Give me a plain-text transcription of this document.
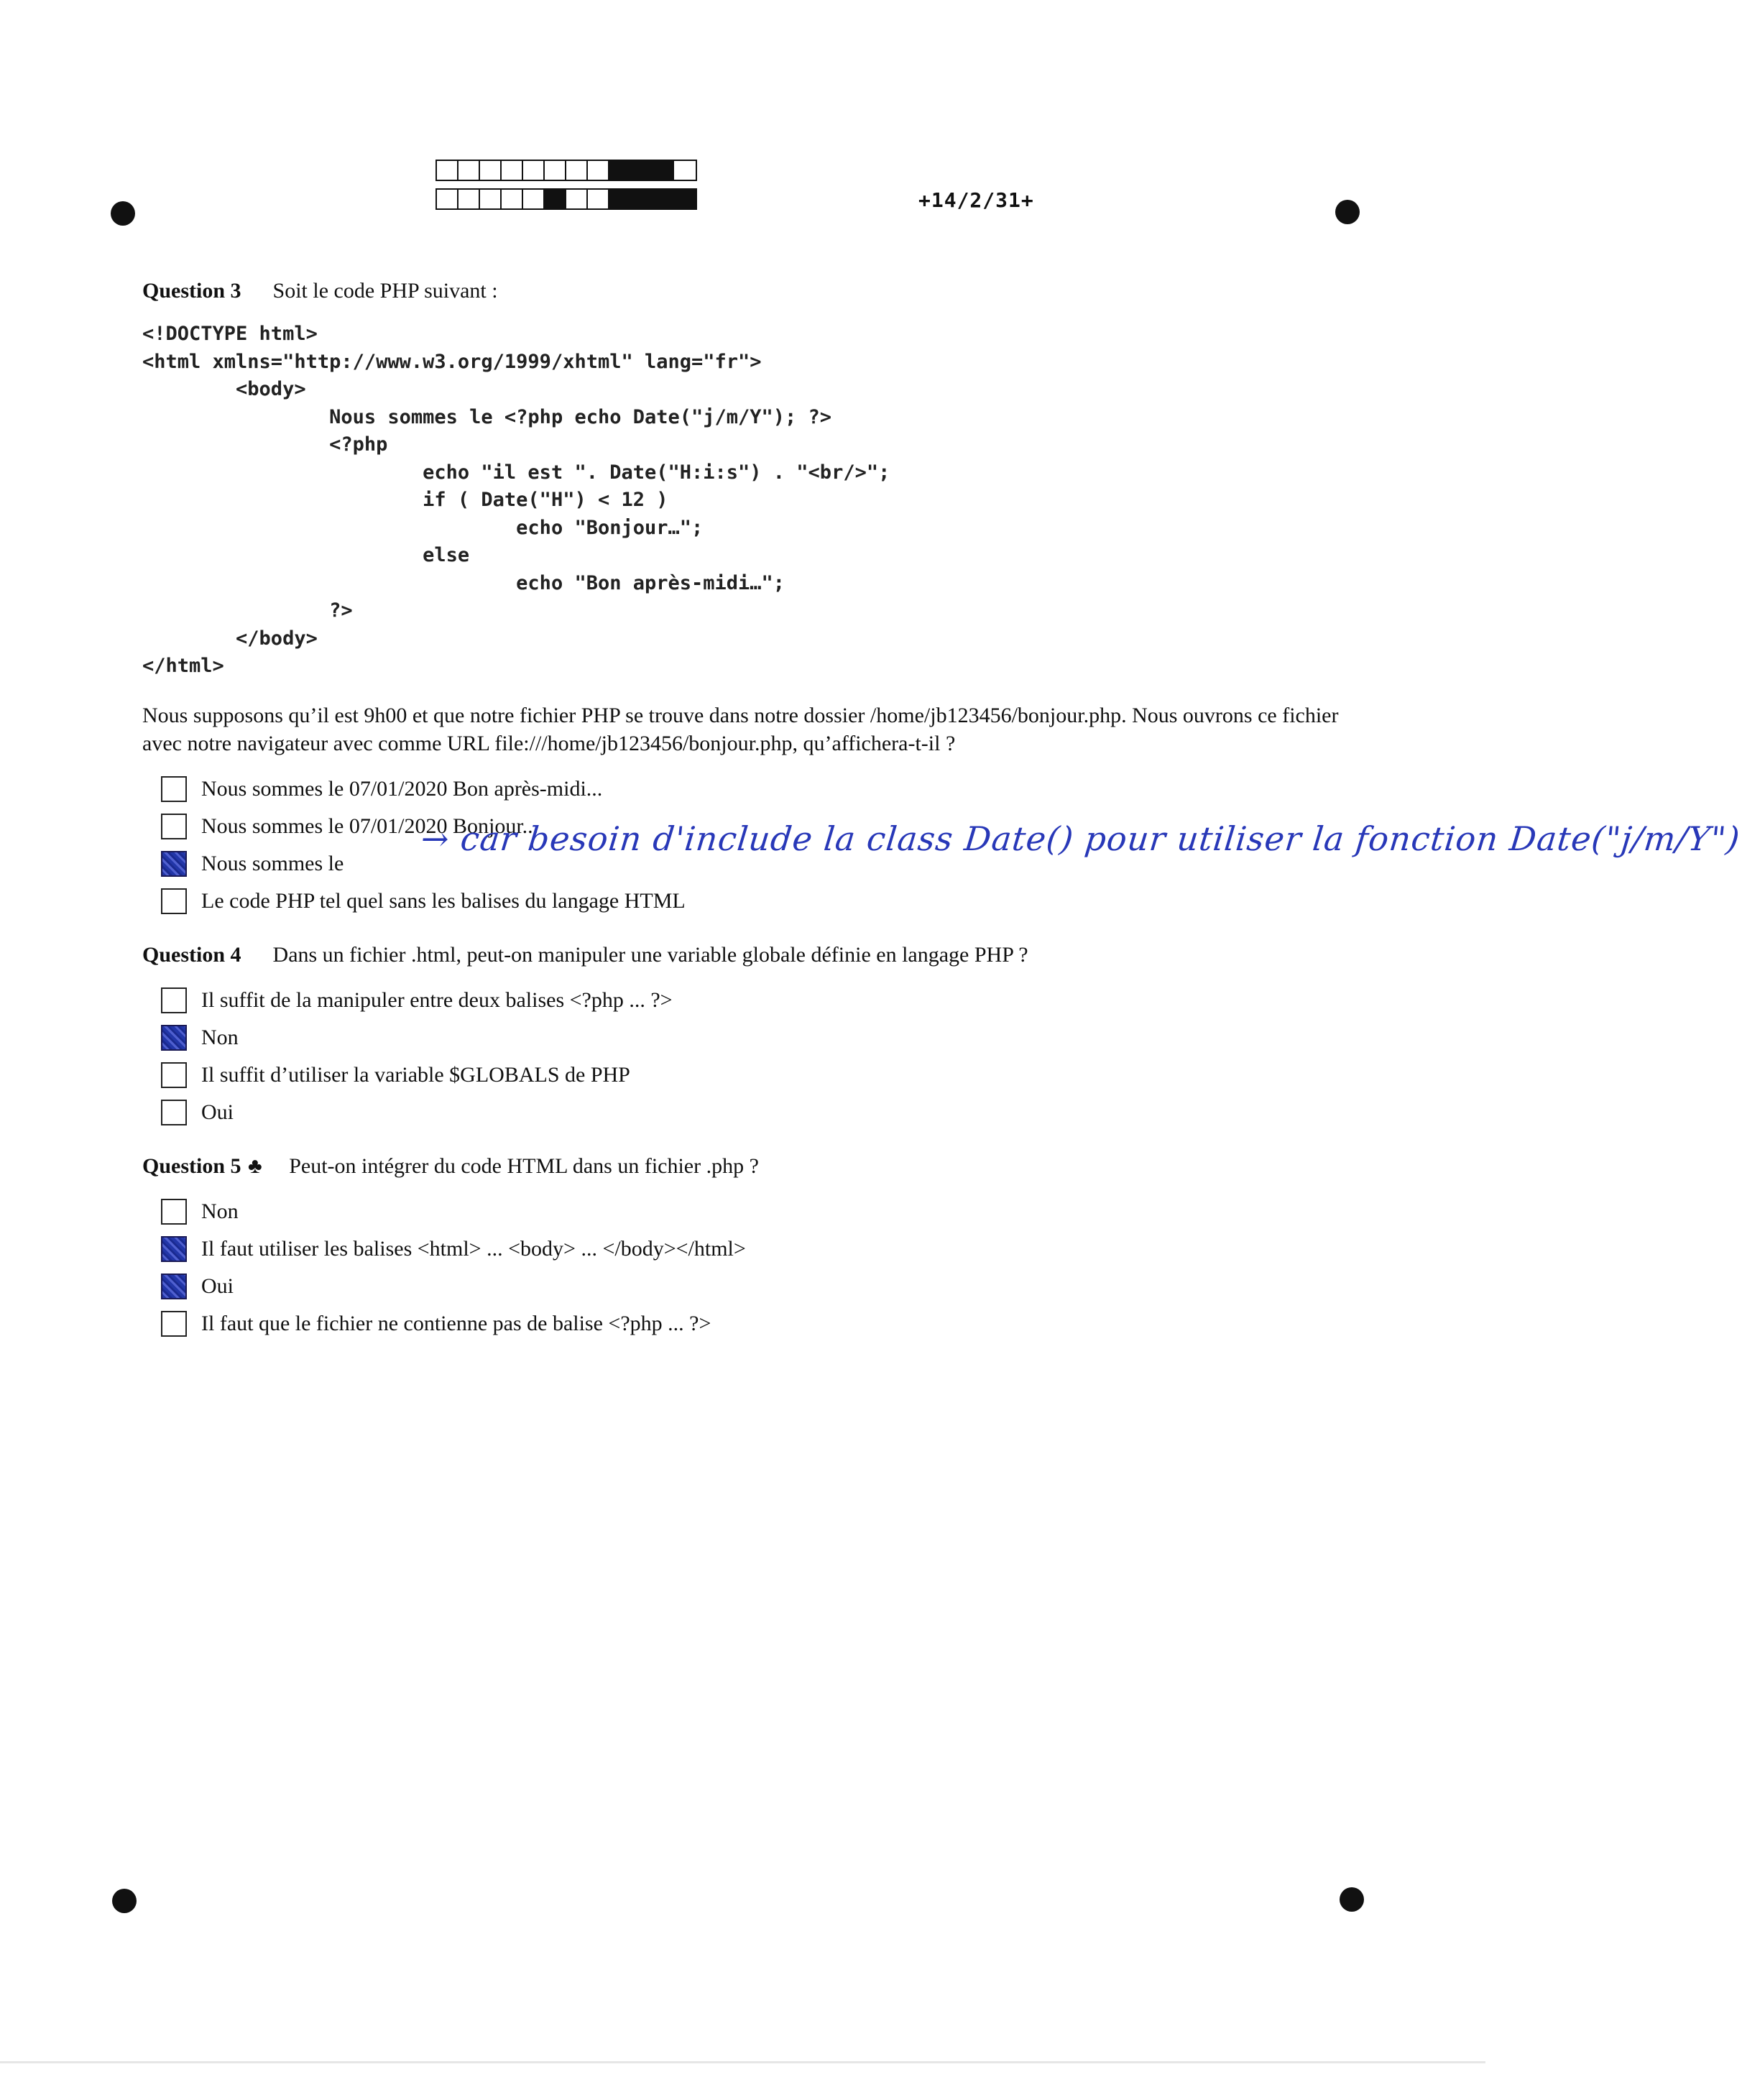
+14/2/31+
Question 3 Soit le code PHP suivant :
<!DOCTYPE html>
<html xmlns="http://www.w3.org/1999/xhtml" lang="fr">
<body>
Nous sommes le <?php echo Date("j/m/Y"); ?>
<?php
echo "il est ". Date("H:i:s") . "<br/>";
if ( Date("H") < 12 )
echo "Bonjour…";
else
echo "Bon après-midi…";
?>
</body>
</html>
Nous supposons qu’il est 9h00 et que notre fichier PHP se trouve dans notre dossier /home/jb123456/bonjour.php. Nous ouvrons ce fichier avec notre navigateur avec comme URL file:///home/jb123456/bonjour.php, qu’affichera-t-il ?
Nous sommes le 07/01/2020 Bon après-midi...
Nous sommes le 07/01/2020 Bonjour...
Nous sommes le
→ car besoin d'include la class Date() pour utiliser la fonction Date("j/m/Y")
Le code PHP tel quel sans les balises du langage HTML
Question 4 Dans un fichier .html, peut-on manipuler une variable globale définie en langage PHP ?
Il suffit de la manipuler entre deux balises <?php ... ?>
Non
Il suffit d’utiliser la variable $GLOBALS de PHP
Oui
Question 5 ♣ Peut-on intégrer du code HTML dans un fichier .php ?
Non
Il faut utiliser les balises <html> ... <body> ... </body></html>
Oui
Il faut que le fichier ne contienne pas de balise <?php ... ?>
